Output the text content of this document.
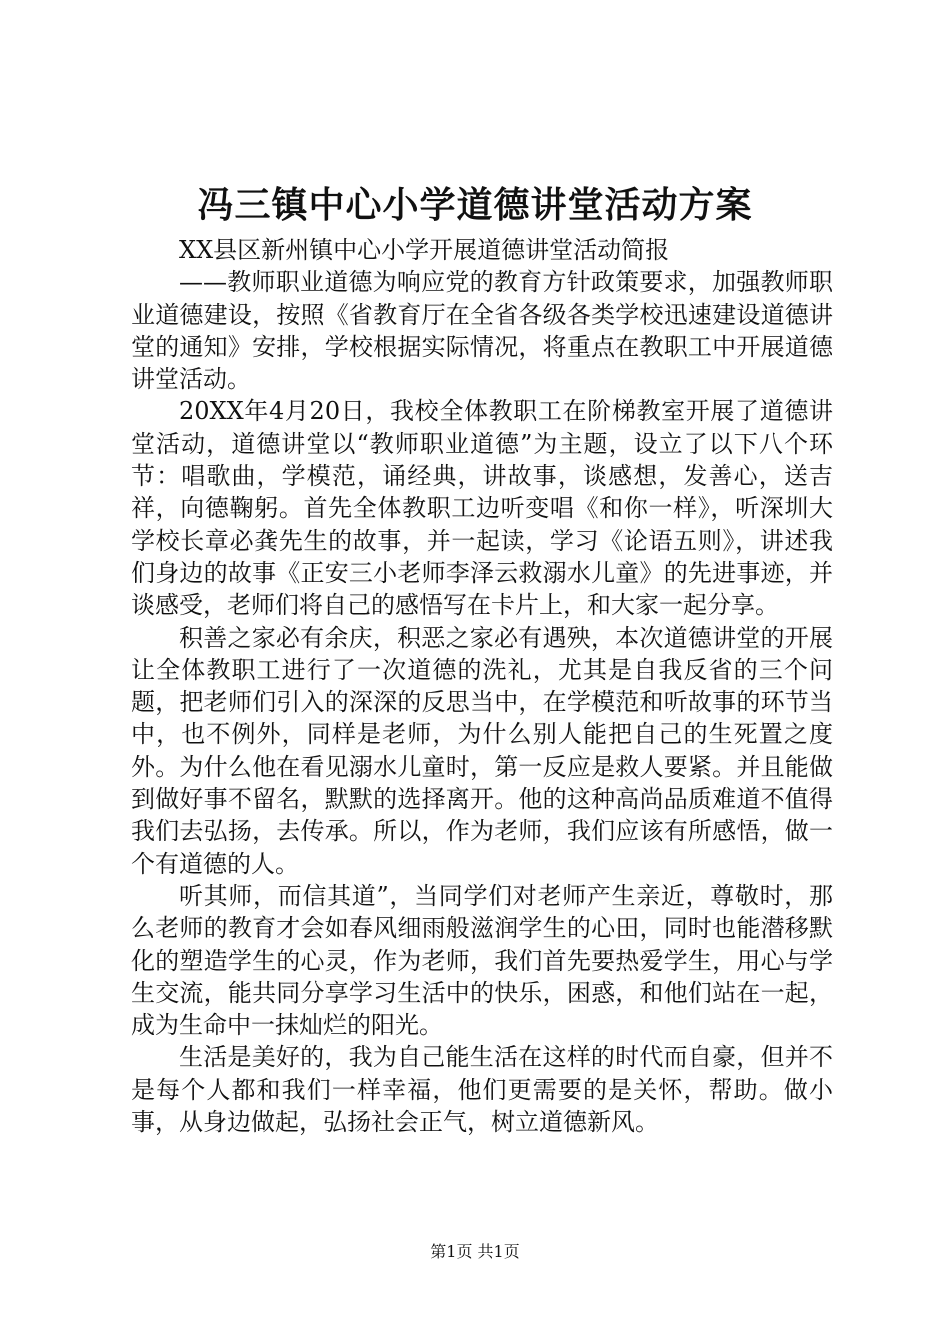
冯三镇中心小学道德讲堂活动方案

XX县区新州镇中心小学开展道德讲堂活动简报

——教师职业道德为响应党的教育方针政策要求，加强教师职业道德建设，按照《省教育厅在全省各级各类学校迅速建设道德讲堂的通知》安排，学校根据实际情况，将重点在教职工中开展道德讲堂活动。

20XX年4月20日，我校全体教职工在阶梯教室开展了道德讲堂活动，道德讲堂以“教师职业道德”为主题，设立了以下八个环节：唱歌曲，学模范，诵经典，讲故事，谈感想，发善心，送吉祥，向德鞠躬。首先全体教职工边听变唱《和你一样》，听深圳大学校长章必龚先生的故事，并一起读，学习《论语五则》，讲述我们身边的故事《正安三小老师李泽云救溺水儿童》的先进事迹，并谈感受，老师们将自己的感悟写在卡片上，和大家一起分享。

积善之家必有余庆，积恶之家必有遇殃，本次道德讲堂的开展让全体教职工进行了一次道德的洗礼，尤其是自我反省的三个问题，把老师们引入的深深的反思当中，在学模范和听故事的环节当中，也不例外，同样是老师，为什么别人能把自己的生死置之度外。为什么他在看见溺水儿童时，第一反应是救人要紧。并且能做到做好事不留名，默默的选择离开。他的这种高尚品质难道不值得我们去弘扬，去传承。所以，作为老师，我们应该有所感悟，做一个有道德的人。

听其师，而信其道”，当同学们对老师产生亲近，尊敬时，那么老师的教育才会如春风细雨般滋润学生的心田，同时也能潜移默化的塑造学生的心灵，作为老师，我们首先要热爱学生，用心与学生交流，能共同分享学习生活中的快乐，困惑，和他们站在一起，成为生命中一抹灿烂的阳光。

生活是美好的，我为自己能生活在这样的时代而自豪，但并不是每个人都和我们一样幸福，他们更需要的是关怀，帮助。做小事，从身边做起，弘扬社会正气，树立道德新风。

第1页 共1页
